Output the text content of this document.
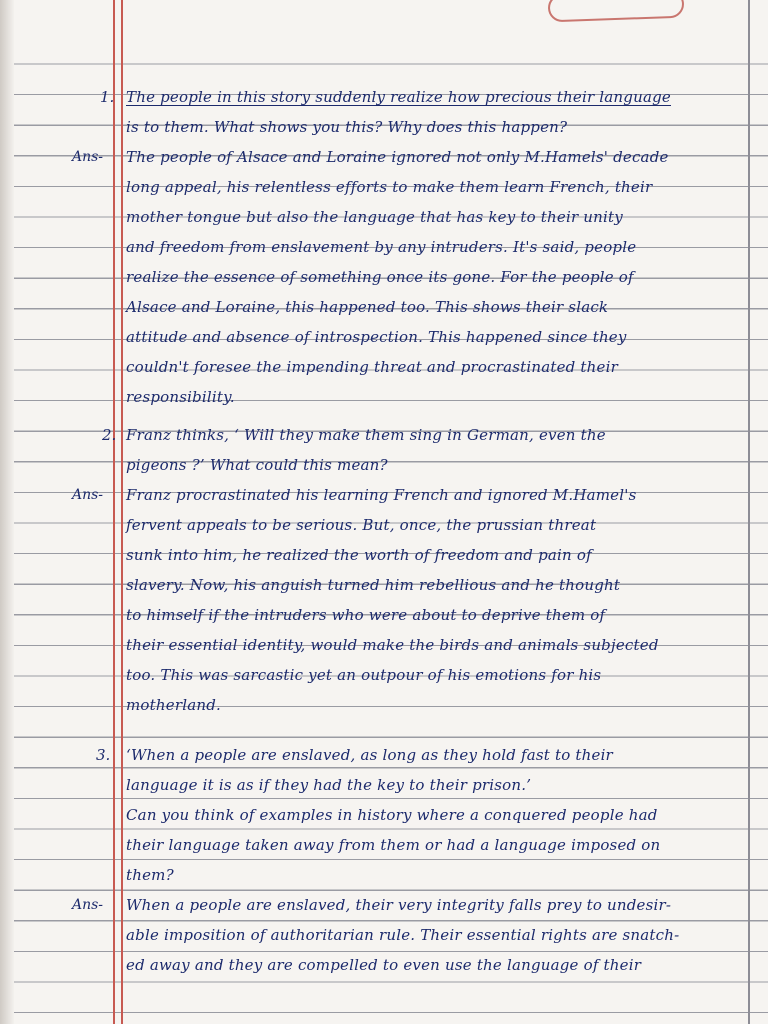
1. The people in this story suddenly realize how precious their language
is to them. What shows you this? Why does this happen?
Ans- The people of Alsace and Loraine ignored not only M.Hamels' decade
long appeal, his relentless efforts to make them learn French, their
mother tongue but also the language that has key to their unity
and freedom from enslavement by any intruders. It's said, people
realize the essence of something once its gone. For the people of
Alsace and Loraine, this happened too. This shows their slack
attitude and absence of introspection. This happened since they
couldn't foresee the impending threat and procrastinated their
responsibility.
2. Franz thinks, ‘ Will they make them sing in German, even the
pigeons ?’ What could this mean?
Ans- Franz procrastinated his learning French and ignored M.Hamel's
fervent appeals to be serious. But, once, the prussian threat
sunk into him, he realized the worth of freedom and pain of
slavery. Now, his anguish turned him rebellious and he thought
to himself if the intruders who were about to deprive them of
their essential identity, would make the birds and animals subjected
too. This was sarcastic yet an outpour of his emotions for his
motherland.
3. ‘When a people are enslaved, as long as they hold fast to their
language it is as if they had the key to their prison.’
Can you think of examples in history where a conquered people had
their language taken away from them or had a language imposed on
them?
Ans- When a people are enslaved, their very integrity falls prey to undesir-
able imposition of authoritarian rule. Their essential rights are snatch-
ed away and they are compelled to even use the language of their
